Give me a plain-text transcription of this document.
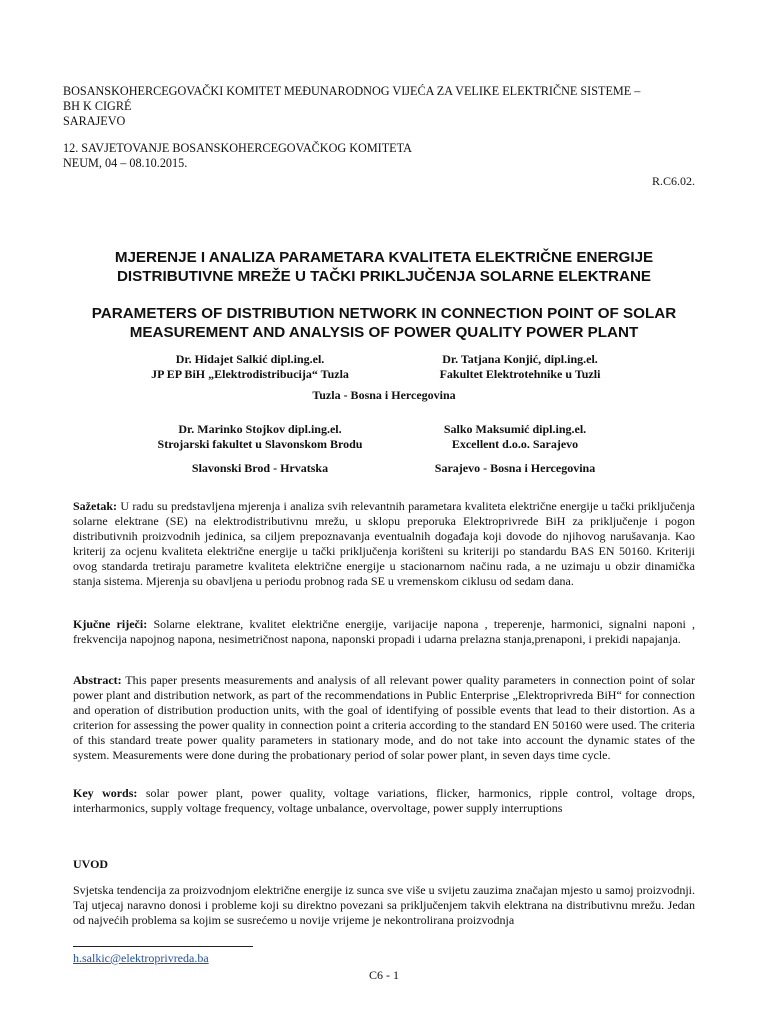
BOSANSKOHERCEGOVAČKI KOMITET MEĐUNARODNOG VIJEĆA ZA VELIKE ELEKTRIČNE SISTEME –
BH K CIGRÉ
SARAJEVO
12. SAVJETOVANJE BOSANSKOHERCEGOVAČKOG KOMITETA
NEUM, 04 – 08.10.2015.
R.C6.02.
MJERENJE I ANALIZA PARAMETARA KVALITETA ELEKTRIČNE ENERGIJE
DISTRIBUTIVNE MREŽE U TAČKI PRIKLJUČENJA SOLARNE ELEKTRANE
PARAMETERS OF DISTRIBUTION NETWORK IN CONNECTION POINT OF SOLAR
MEASUREMENT AND ANALYSIS OF POWER QUALITY POWER PLANT
Dr. Hidajet Salkić dipl.ing.el.
JP EP BiH „Elektrodistribucija“ Tuzla
Dr. Tatjana Konjić, dipl.ing.el.
Fakultet Elektrotehnike u Tuzli
Tuzla - Bosna i Hercegovina
Dr. Marinko Stojkov dipl.ing.el.
Strojarski fakultet u Slavonskom Brodu
Salko Maksumić dipl.ing.el.
Excellent d.o.o. Sarajevo
Slavonski Brod - Hrvatska	Sarajevo - Bosna i Hercegovina
Sažetak: U radu su predstavljena mjerenja i analiza svih relevantnih parametara kvaliteta električne energije u tački priključenja solarne elektrane (SE) na elektrodistributivnu mrežu, u sklopu preporuka Elektroprivrede BiH za priključenje i pogon distributivnih proizvodnih jedinica, sa ciljem prepoznavanja eventualnih događaja koji dovode do njihovog narušavanja. Kao kriterij za ocjenu kvaliteta električne energije u tački priključenja korišteni su kriteriji po standardu BAS EN 50160. Kriteriji ovog standarda tretiraju parametre kvaliteta električne energije u stacionarnom načinu rada, a ne uzimaju u obzir dinamička stanja sistema. Mjerenja su obavljena u periodu probnog rada SE u vremenskom ciklusu od sedam dana.
Kjučne riječi: Solarne elektrane, kvalitet električne energije, varijacije napona , treperenje, harmonici, signalni naponi , frekvencija napojnog napona, nesimetričnost napona, naponski propadi i udarna prelazna stanja,prenaponi, i prekidi napajanja.
Abstract: This paper presents measurements and analysis of all relevant power quality parameters in connection point of solar power plant and distribution network, as part of the recommendations in Public Enterprise „Elektroprivreda BiH“ for connection and operation of distribution production units, with the goal of identifying of possible events that lead to their distortion. As a criterion for assessing the power quality in connection point a criteria according to the standard EN 50160 were used. The criteria of this standard treate power quality parameters in stationary mode, and do not take into account the dynamic states of the system. Measurements were done during the probationary period of solar power plant, in seven days time cycle.
Key words: solar power plant, power quality, voltage variations, flicker, harmonics, ripple control, voltage drops, interharmonics, supply voltage frequency, voltage unbalance, overvoltage, power supply interruptions
UVOD
Svjetska tendencija za proizvodnjom električne energije iz sunca sve više u svijetu zauzima značajan mjesto u samoj proizvodnji. Taj utjecaj naravno donosi i probleme koji su direktno povezani sa priključenjem takvih elektrana na distributivnu mrežu. Jedan od najvećih problema sa kojim se susrećemo u novije vrijeme je nekontrolirana proizvodnja
h.salkic@elektroprivreda.ba
C6 - 1
